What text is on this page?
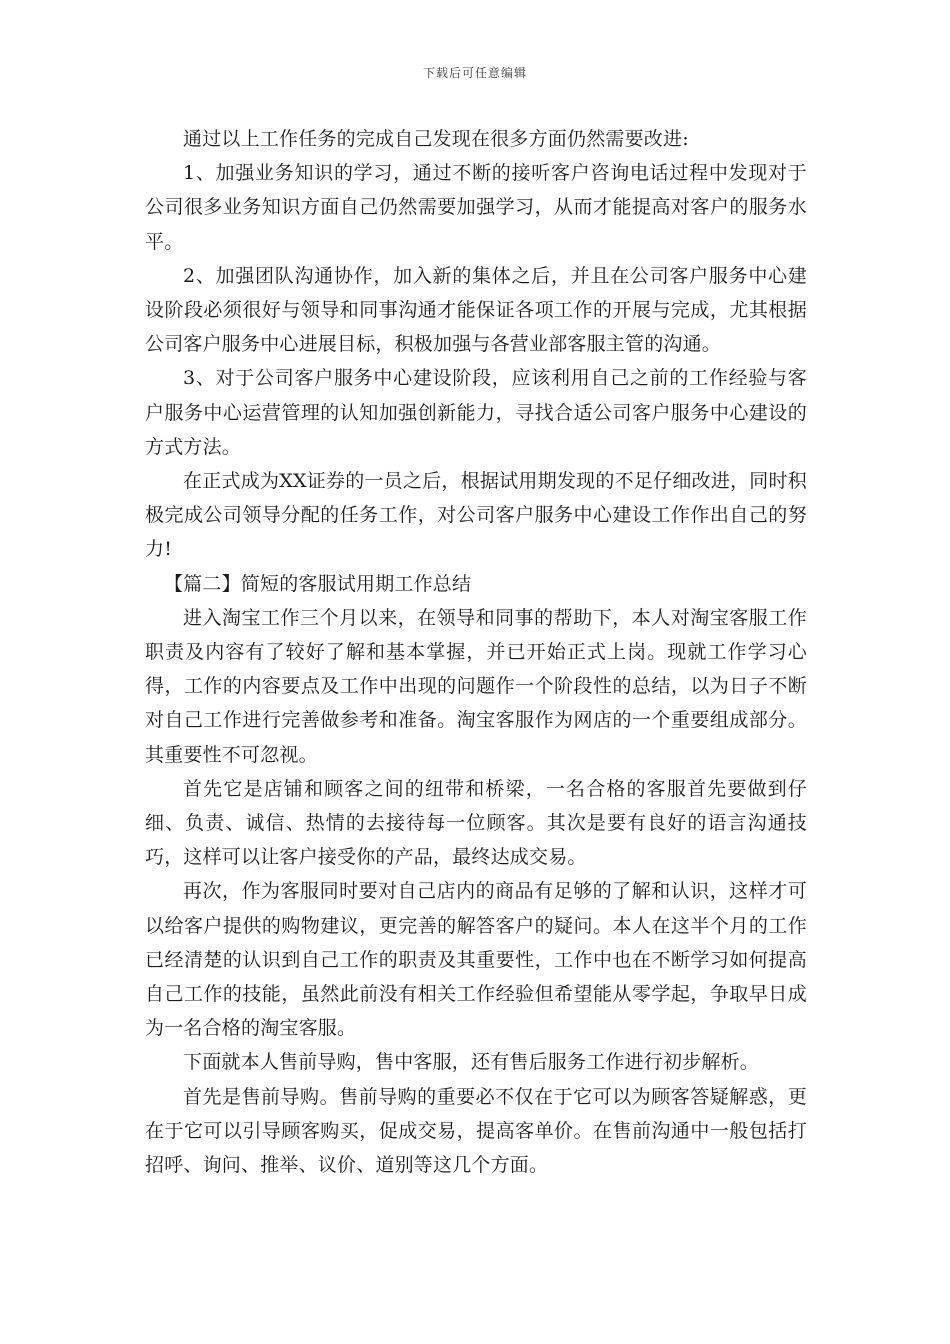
下载后可任意编辑

通过以上工作任务的完成自己发现在很多方面仍然需要改进:

1、加强业务知识的学习，通过不断的接听客户咨询电话过程中发现对于公司很多业务知识方面自己仍然需要加强学习，从而才能提高对客户的服务水平。

2、加强团队沟通协作，加入新的集体之后，并且在公司客户服务中心建设阶段必须很好与领导和同事沟通才能保证各项工作的开展与完成，尤其根据公司客户服务中心进展目标，积极加强与各营业部客服主管的沟通。

3、对于公司客户服务中心建设阶段，应该利用自己之前的工作经验与客户服务中心运营管理的认知加强创新能力，寻找合适公司客户服务中心建设的方式方法。

在正式成为XX证券的一员之后，根据试用期发现的不足仔细改进，同时积极完成公司领导分配的任务工作，对公司客户服务中心建设工作作出自己的努力!

【篇二】简短的客服试用期工作总结

进入淘宝工作三个月以来，在领导和同事的帮助下，本人对淘宝客服工作职责及内容有了较好了解和基本掌握，并已开始正式上岗。现就工作学习心得，工作的内容要点及工作中出现的问题作一个阶段性的总结，以为日子不断对自己工作进行完善做参考和准备。淘宝客服作为网店的一个重要组成部分。其重要性不可忽视。

首先它是店铺和顾客之间的纽带和桥梁，一名合格的客服首先要做到仔细、负责、诚信、热情的去接待每一位顾客。其次是要有良好的语言沟通技巧，这样可以让客户接受你的产品，最终达成交易。

再次，作为客服同时要对自己店内的商品有足够的了解和认识，这样才可以给客户提供的购物建议，更完善的解答客户的疑问。本人在这半个月的工作已经清楚的认识到自己工作的职责及其重要性，工作中也在不断学习如何提高自己工作的技能，虽然此前没有相关工作经验但希望能从零学起，争取早日成为一名合格的淘宝客服。

下面就本人售前导购，售中客服，还有售后服务工作进行初步解析。

首先是售前导购。售前导购的重要必不仅在于它可以为顾客答疑解惑，更在于它可以引导顾客购买，促成交易，提高客单价。在售前沟通中一般包括打招呼、询问、推举、议价、道别等这几个方面。
